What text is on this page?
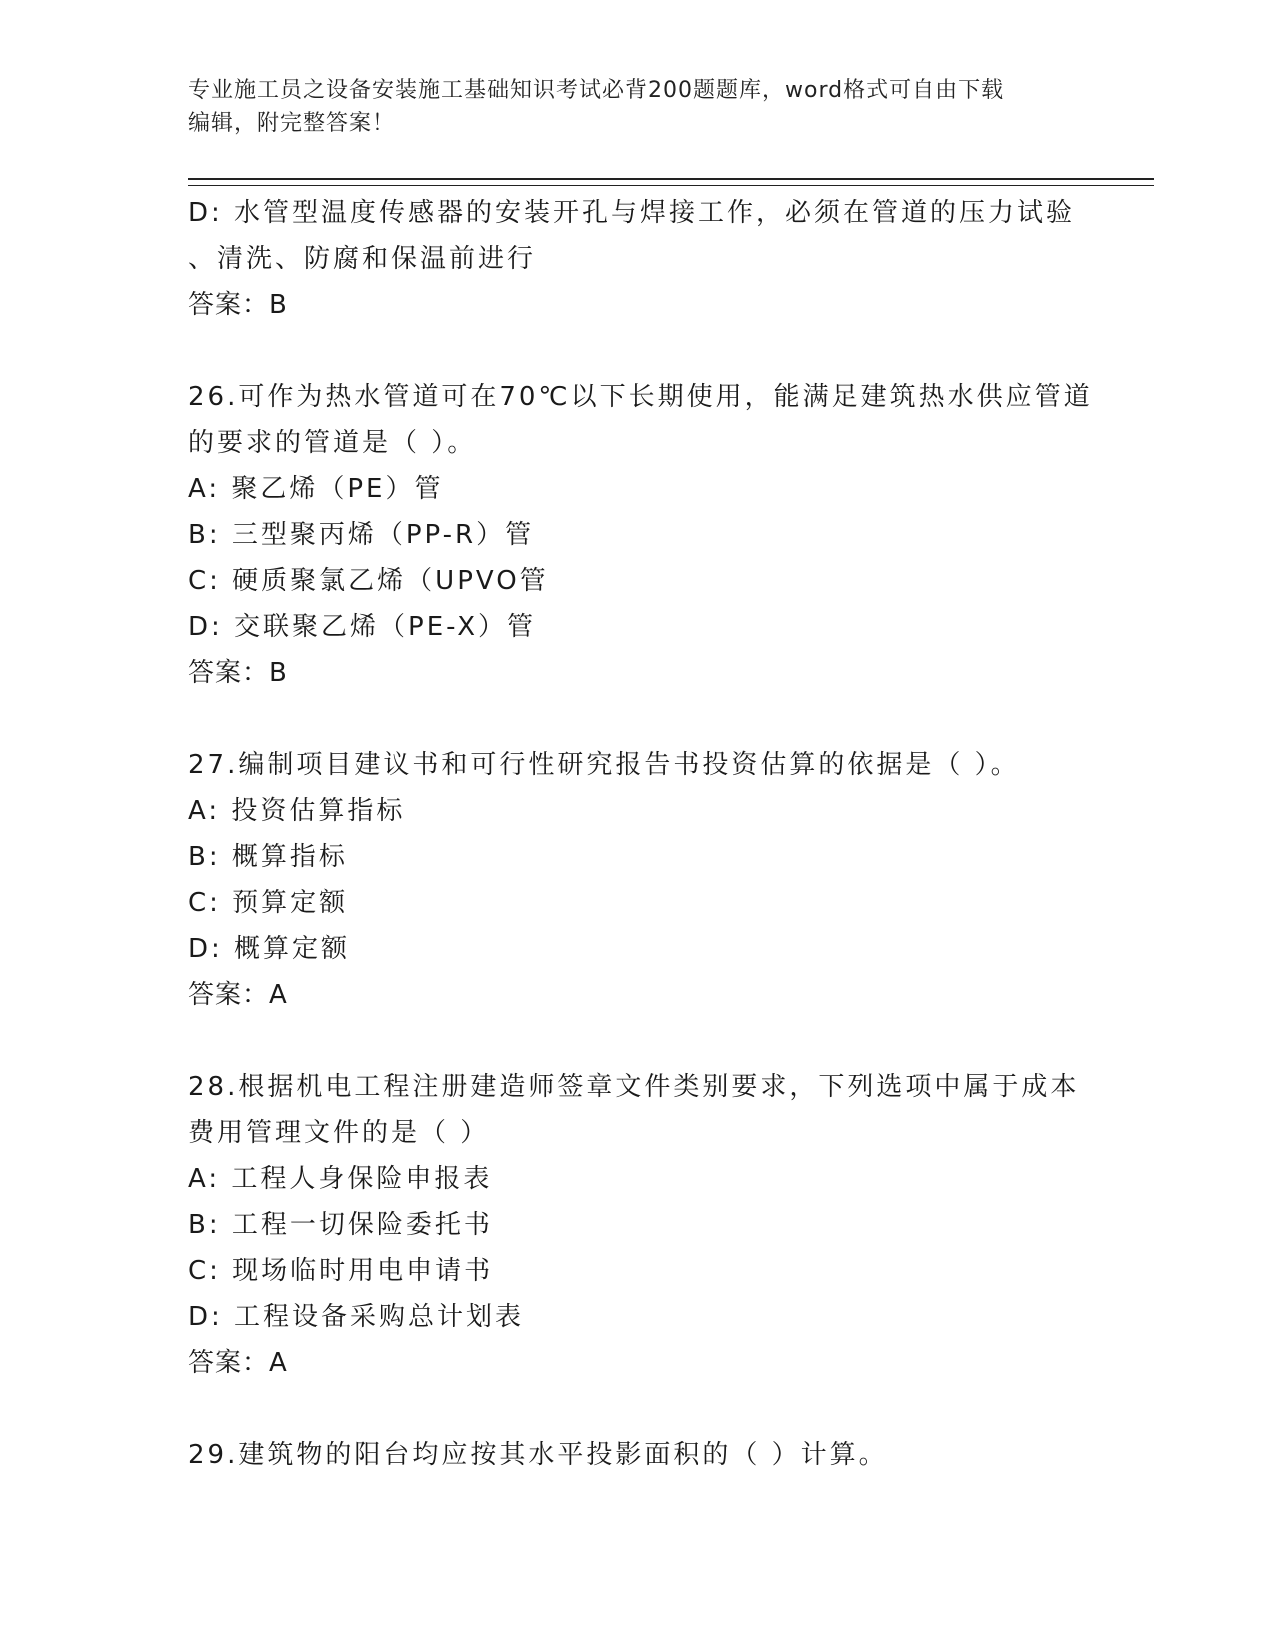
专业施工员之设备安装施工基础知识考试必背200题题库，word格式可自由下载
编辑，附完整答案！
D: 水管型温度传感器的安装开孔与焊接工作，必须在管道的压力试验
、清洗、防腐和保温前进行
答案：B
26.可作为热水管道可在70℃以下长期使用，能满足建筑热水供应管道
的要求的管道是（ ）。
A: 聚乙烯（PE）管
B: 三型聚丙烯（PP-R）管
C: 硬质聚氯乙烯（UPVO管
D: 交联聚乙烯（PE-X）管
答案：B
27.编制项目建议书和可行性研究报告书投资估算的依据是（ ）。
A: 投资估算指标
B: 概算指标
C: 预算定额
D: 概算定额
答案：A
28.根据机电工程注册建造师签章文件类别要求，下列选项中属于成本
费用管理文件的是（ ）
A: 工程人身保险申报表
B: 工程一切保险委托书
C: 现场临时用电申请书
D: 工程设备采购总计划表
答案：A
29.建筑物的阳台均应按其水平投影面积的（ ）计算。
